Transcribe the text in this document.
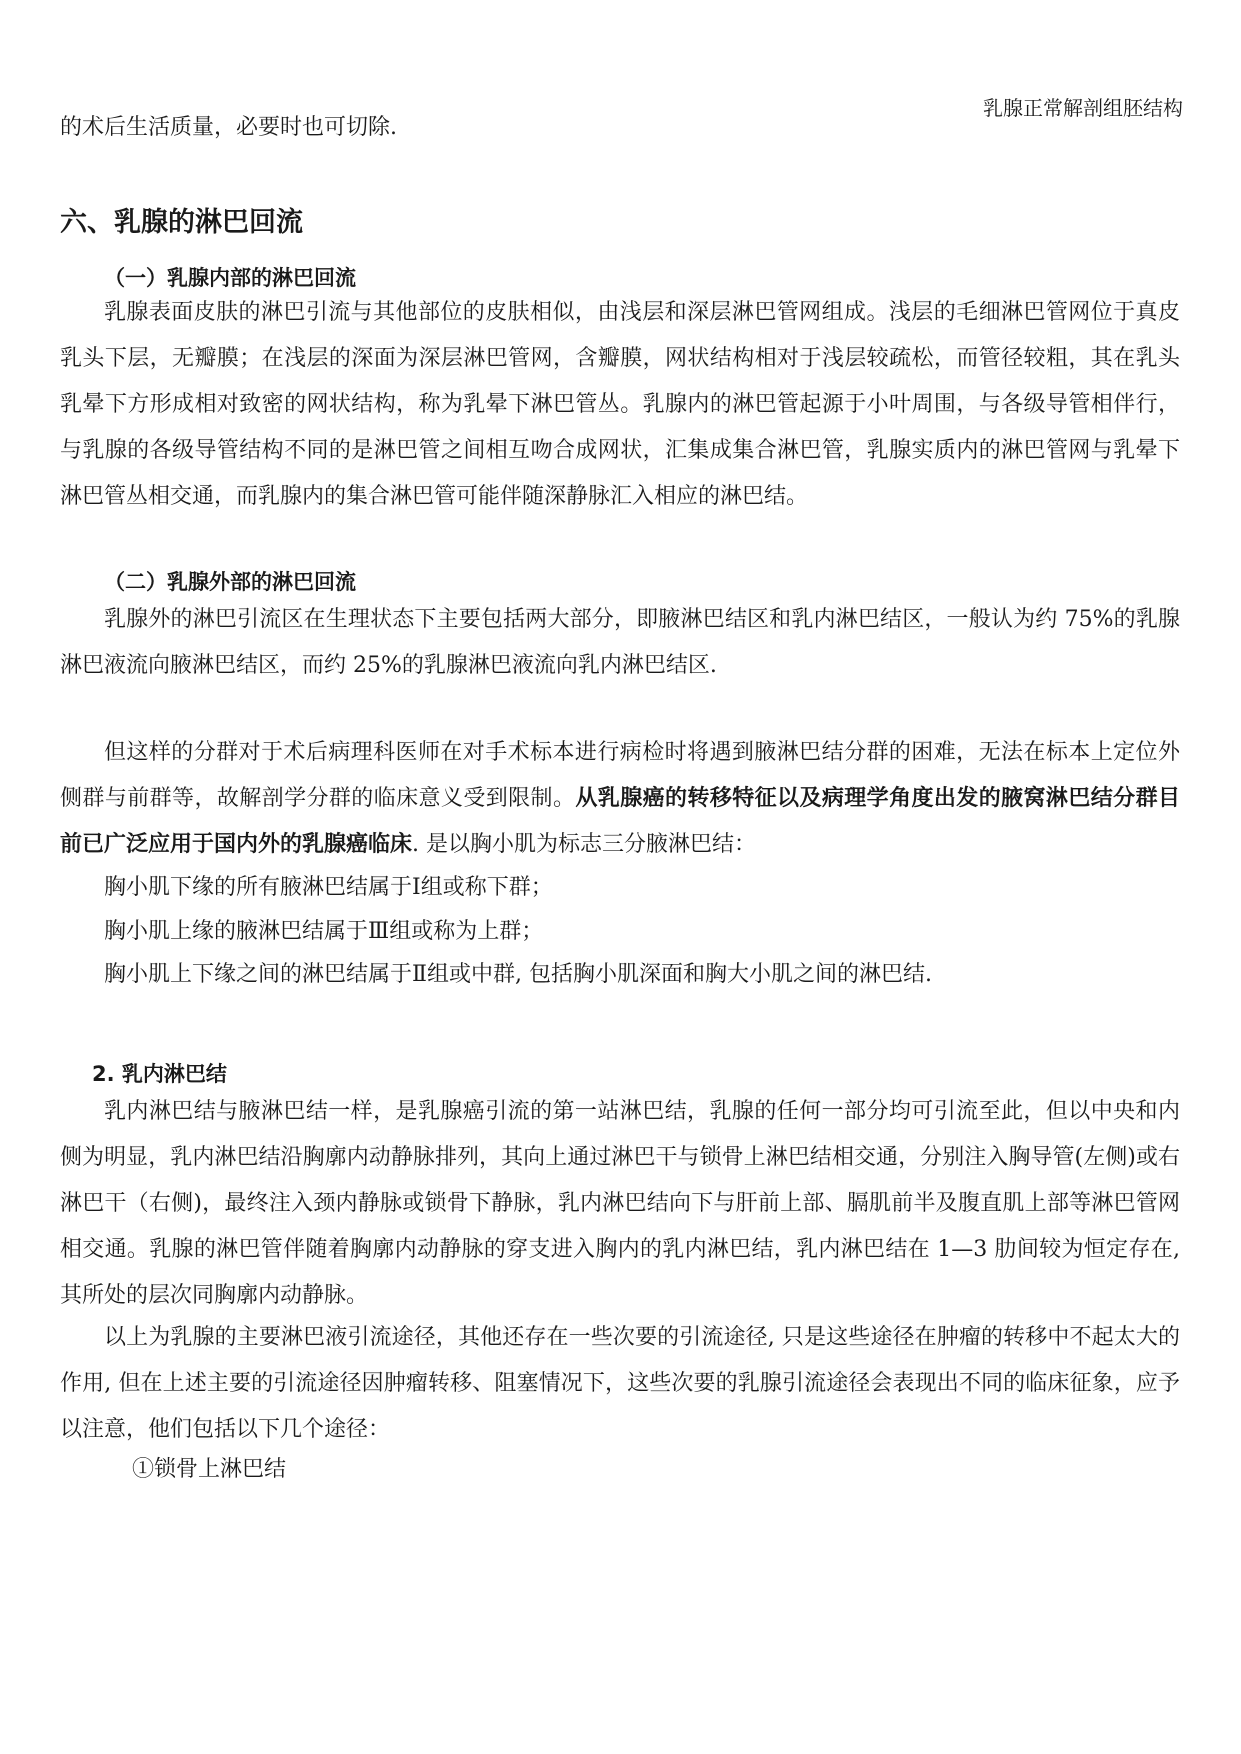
乳腺正常解剖组胚结构

的术后生活质量，必要时也可切除.

六、乳腺的淋巴回流
（一）乳腺内部的淋巴回流

乳腺表面皮肤的淋巴引流与其他部位的皮肤相似，由浅层和深层淋巴管网组成。浅层的毛细淋巴管网位于真皮乳头下层，无瓣膜；在浅层的深面为深层淋巴管网，含瓣膜，网状结构相对于浅层较疏松，而管径较粗，其在乳头乳晕下方形成相对致密的网状结构，称为乳晕下淋巴管丛。乳腺内的淋巴管起源于小叶周围，与各级导管相伴行，与乳腺的各级导管结构不同的是淋巴管之间相互吻合成网状，汇集成集合淋巴管，乳腺实质内的淋巴管网与乳晕下淋巴管丛相交通，而乳腺内的集合淋巴管可能伴随深静脉汇入相应的淋巴结。

（二）乳腺外部的淋巴回流

乳腺外的淋巴引流区在生理状态下主要包括两大部分，即腋淋巴结区和乳内淋巴结区，一般认为约 75%的乳腺淋巴液流向腋淋巴结区，而约 25%的乳腺淋巴液流向乳内淋巴结区.

但这样的分群对于术后病理科医师在对手术标本进行病检时将遇到腋淋巴结分群的困难，无法在标本上定位外侧群与前群等，故解剖学分群的临床意义受到限制。从乳腺癌的转移特征以及病理学角度出发的腋窝淋巴结分群目前已广泛应用于国内外的乳腺癌临床. 是以胸小肌为标志三分腋淋巴结：

胸小肌下缘的所有腋淋巴结属于Ⅰ组或称下群；

胸小肌上缘的腋淋巴结属于Ⅲ组或称为上群；

胸小肌上下缘之间的淋巴结属于Ⅱ组或中群, 包括胸小肌深面和胸大小肌之间的淋巴结.

2. 乳内淋巴结

乳内淋巴结与腋淋巴结一样，是乳腺癌引流的第一站淋巴结，乳腺的任何一部分均可引流至此，但以中央和内侧为明显，乳内淋巴结沿胸廓内动静脉排列，其向上通过淋巴干与锁骨上淋巴结相交通，分别注入胸导管(左侧)或右淋巴干（右侧)，最终注入颈内静脉或锁骨下静脉，乳内淋巴结向下与肝前上部、膈肌前半及腹直肌上部等淋巴管网相交通。乳腺的淋巴管伴随着胸廓内动静脉的穿支进入胸内的乳内淋巴结，乳内淋巴结在 1—3 肋间较为恒定存在, 其所处的层次同胸廓内动静脉。

以上为乳腺的主要淋巴液引流途径，其他还存在一些次要的引流途径, 只是这些途径在肿瘤的转移中不起太大的作用, 但在上述主要的引流途径因肿瘤转移、阻塞情况下，这些次要的乳腺引流途径会表现出不同的临床征象，应予以注意，他们包括以下几个途径：

①锁骨上淋巴结
